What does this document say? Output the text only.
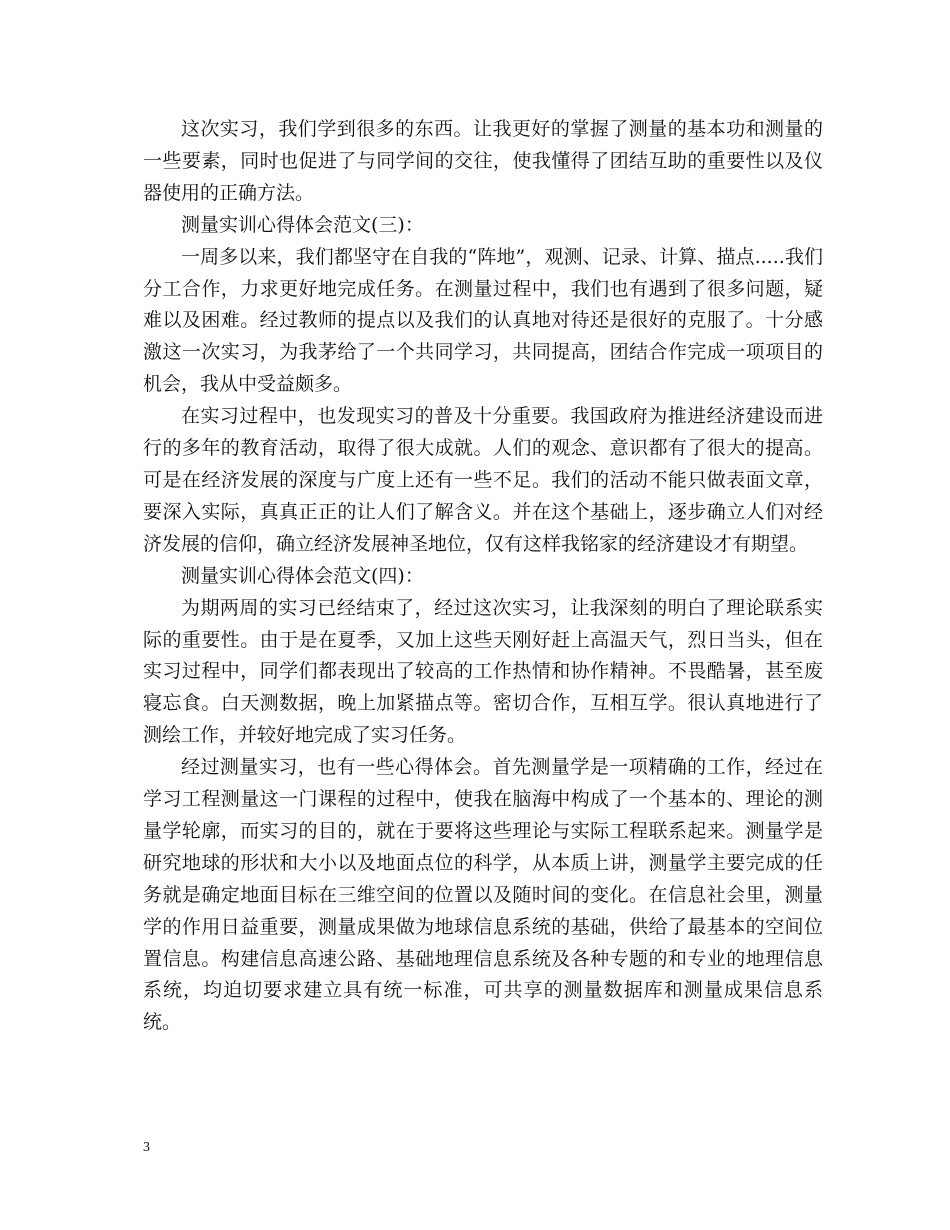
这次实习，我们学到很多的东西。让我更好的掌握了测量的基本功和测量的一些要素，同时也促进了与同学间的交往，使我懂得了团结互助的重要性以及仪器使用的正确方法。

测量实训心得体会范文(三)：

一周多以来，我们都坚守在自我的“阵地”，观测、记录、计算、描点.....我们分工合作，力求更好地完成任务。在测量过程中，我们也有遇到了很多问题，疑难以及困难。经过教师的提点以及我们的认真地对待还是很好的克服了。十分感激这一次实习，为我茅给了一个共同学习，共同提高，团结合作完成一项项目的机会，我从中受益颇多。

在实习过程中，也发现实习的普及十分重要。我国政府为推进经济建设而进行的多年的教育活动，取得了很大成就。人们的观念、意识都有了很大的提高。可是在经济发展的深度与广度上还有一些不足。我们的活动不能只做表面文章，要深入实际，真真正正的让人们了解含义。并在这个基础上，逐步确立人们对经济发展的信仰，确立经济发展神圣地位，仅有这样我铭家的经济建设才有期望。

测量实训心得体会范文(四)：

为期两周的实习已经结束了，经过这次实习，让我深刻的明白了理论联系实际的重要性。由于是在夏季，又加上这些天刚好赶上高温天气，烈日当头，但在实习过程中，同学们都表现出了较高的工作热情和协作精神。不畏酷暑，甚至废寝忘食。白天测数据，晚上加紧描点等。密切合作，互相互学。很认真地进行了测绘工作，并较好地完成了实习任务。

经过测量实习，也有一些心得体会。首先测量学是一项精确的工作，经过在学习工程测量这一门课程的过程中，使我在脑海中构成了一个基本的、理论的测量学轮廓，而实习的目的，就在于要将这些理论与实际工程联系起来。测量学是研究地球的形状和大小以及地面点位的科学，从本质上讲，测量学主要完成的任务就是确定地面目标在三维空间的位置以及随时间的变化。在信息社会里，测量学的作用日益重要，测量成果做为地球信息系统的基础，供给了最基本的空间位置信息。构建信息高速公路、基础地理信息系统及各种专题的和专业的地理信息系统，均迫切要求建立具有统一标准，可共享的测量数据库和测量成果信息系统。

3
